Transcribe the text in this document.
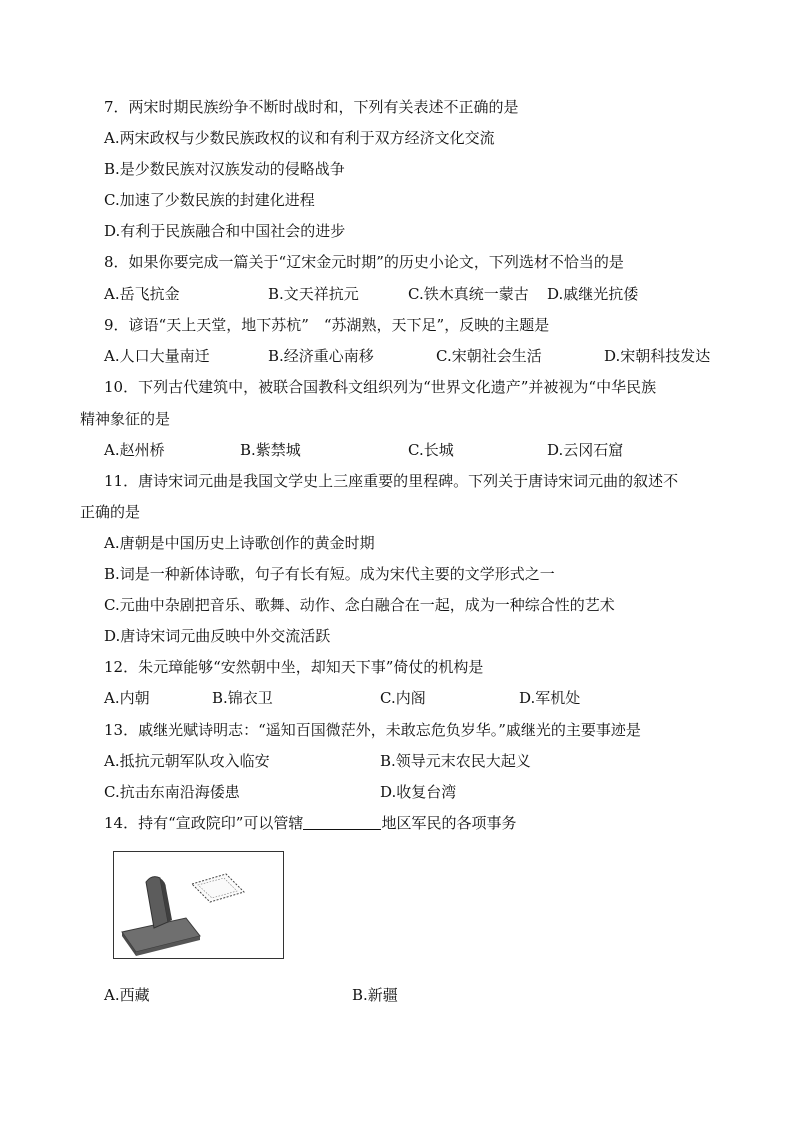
7．两宋时期民族纷争不断时战时和，下列有关表述不正确的是
A.两宋政权与少数民族政权的议和有利于双方经济文化交流
B.是少数民族对汉族发动的侵略战争
C.加速了少数民族的封建化进程
D.有利于民族融合和中国社会的进步
8．如果你要完成一篇关于“辽宋金元时期”的历史小论文，下列选材不恰当的是
A.岳飞抗金	B.文天祥抗元	C.铁木真统一蒙古 D.戚继光抗倭
9．谚语“天上天堂，地下苏杭”　“苏湖熟，天下足”，反映的主题是
A.人口大量南迁	B.经济重心南移	C.宋朝社会生活	D.宋朝科技发达
10．下列古代建筑中，被联合国教科文组织列为“世界文化遗产”并被视为“中华民族
精神象征的是
A.赵州桥	B.紫禁城	C.长城	D.云冈石窟
11．唐诗宋词元曲是我国文学史上三座重要的里程碑。下列关于唐诗宋词元曲的叙述不
正确的是
A.唐朝是中国历史上诗歌创作的黄金时期
B.词是一种新体诗歌，句子有长有短。成为宋代主要的文学形式之一
C.元曲中杂剧把音乐、歌舞、动作、念白融合在一起，成为一种综合性的艺术
D.唐诗宋词元曲反映中外交流活跃
12．朱元璋能够“安然朝中坐，却知天下事”倚仗的机构是
A.内朝	B.锦衣卫	C.内阁	D.军机处
13．戚继光赋诗明志：“遥知百国微茫外，未敢忘危负岁华。”戚继光的主要事迹是
A.抵抗元朝军队攻入临安	B.领导元末农民大起义
C.抗击东南沿海倭患	D.收复台湾
14．持有“宣政院印”可以管辖	地区军民的各项事务
A.西藏	B.新疆
